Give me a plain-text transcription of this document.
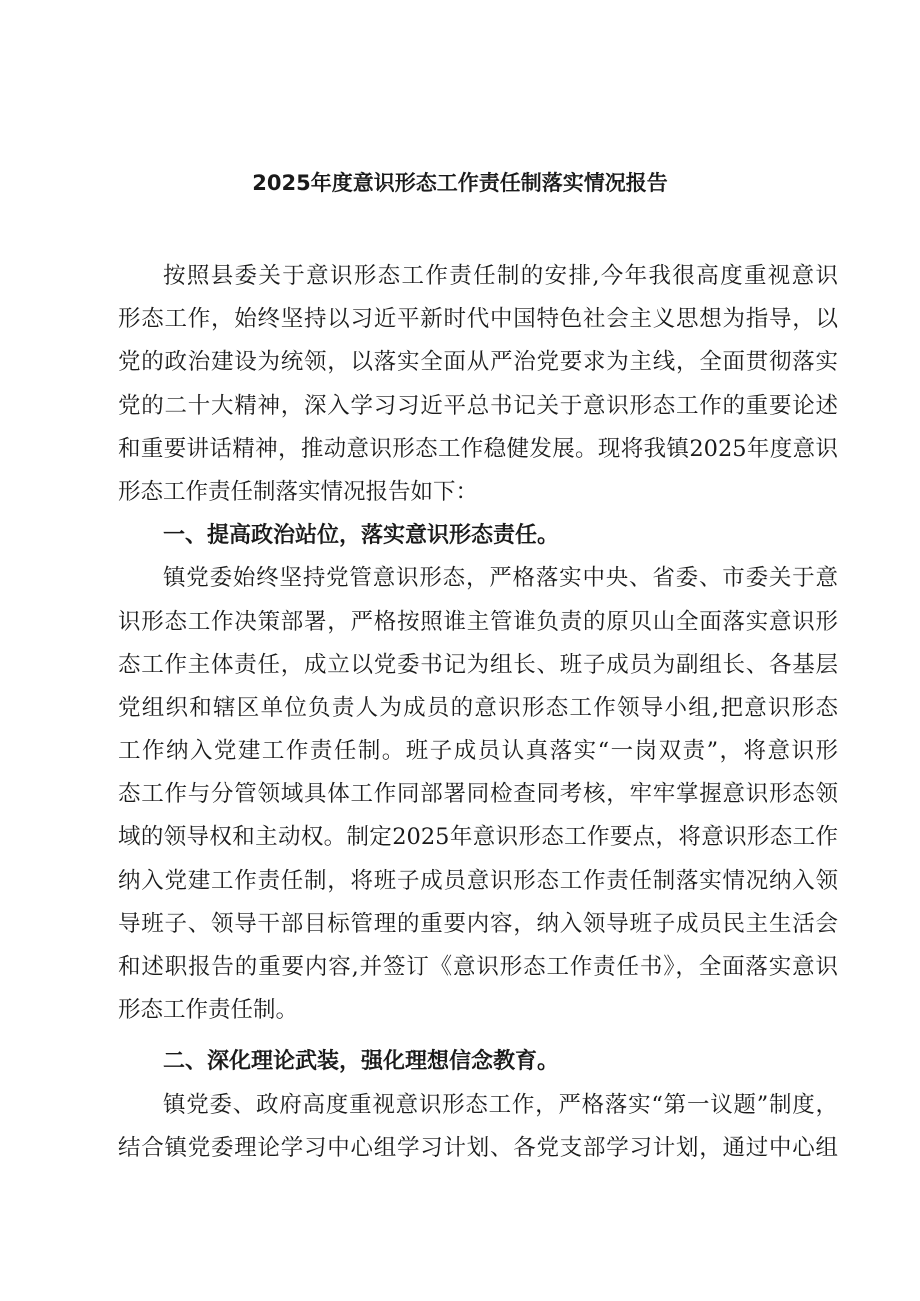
2025年度意识形态工作责任制落实情况报告
按照县委关于意识形态工作责任制的安排,今年我很高度重视意识
形态工作，始终坚持以习近平新时代中国特色社会主义思想为指导，以
党的政治建设为统领，以落实全面从严治党要求为主线，全面贯彻落实
党的二十大精神，深入学习习近平总书记关于意识形态工作的重要论述
和重要讲话精神，推动意识形态工作稳健发展。现将我镇2025年度意识
形态工作责任制落实情况报告如下：
一、提高政治站位，落实意识形态责任。
镇党委始终坚持党管意识形态，严格落实中央、省委、市委关于意
识形态工作决策部署，严格按照谁主管谁负责的原贝山全面落实意识形
态工作主体责任，成立以党委书记为组长、班子成员为副组长、各基层
党组织和辖区单位负责人为成员的意识形态工作领导小组,把意识形态
工作纳入党建工作责任制。班子成员认真落实“一岗双责”，将意识形
态工作与分管领域具体工作同部署同检查同考核，牢牢掌握意识形态领
域的领导权和主动权。制定2025年意识形态工作要点，将意识形态工作
纳入党建工作责任制，将班子成员意识形态工作责任制落实情况纳入领
导班子、领导干部目标管理的重要内容，纳入领导班子成员民主生活会
和述职报告的重要内容,并签订《意识形态工作责任书》，全面落实意识
形态工作责任制。
二、深化理论武装，强化理想信念教育。
镇党委、政府高度重视意识形态工作，严格落实“第一议题”制度，
结合镇党委理论学习中心组学习计划、各党支部学习计划，通过中心组
